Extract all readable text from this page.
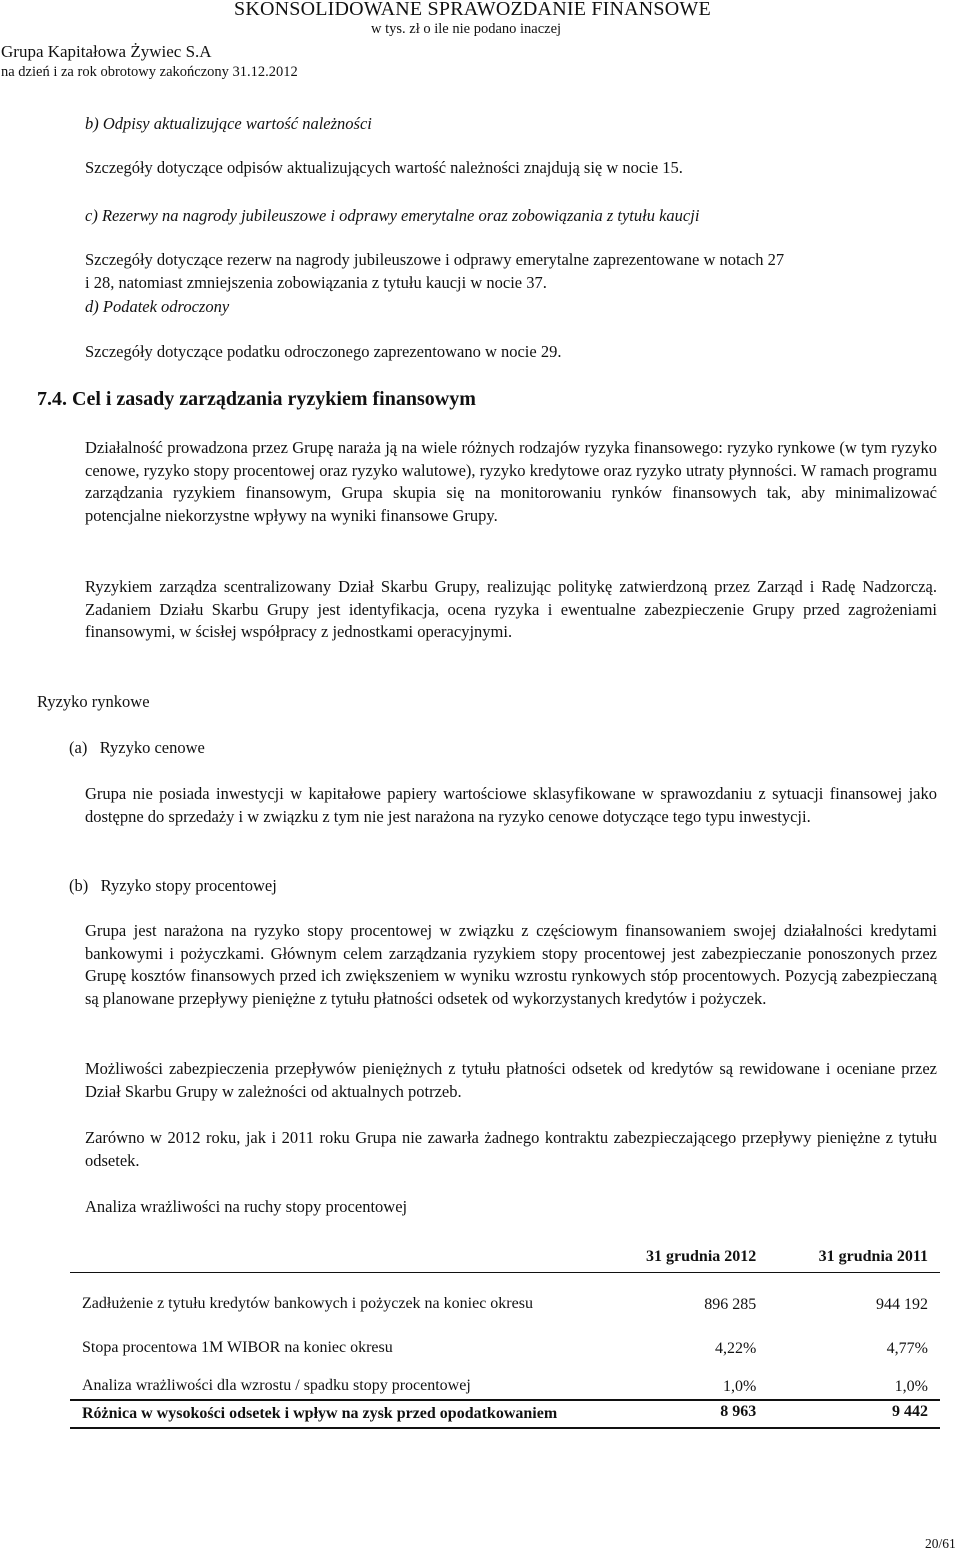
SKONSOLIDOWANE SPRAWOZDANIE FINANSOWE
w tys. zł o ile nie podano inaczej
Grupa Kapitałowa Żywiec S.A
na dzień i za rok obrotowy zakończony 31.12.2012
b) Odpisy aktualizujące wartość należności
Szczegóły dotyczące odpisów aktualizujących wartość należności znajdują się w nocie 15.
c) Rezerwy na nagrody jubileuszowe i odprawy emerytalne oraz zobowiązania z tytułu kaucji
Szczegóły dotyczące rezerw na nagrody jubileuszowe i odprawy emerytalne zaprezentowane w notach 27
i 28, natomiast zmniejszenia zobowiązania z tytułu kaucji w nocie 37.
d) Podatek odroczony
Szczegóły dotyczące podatku odroczonego zaprezentowano w nocie 29.
7.4. Cel i zasady zarządzania ryzykiem finansowym
Działalność prowadzona przez Grupę naraża ją na wiele różnych rodzajów ryzyka finansowego: ryzyko rynkowe (w tym ryzyko cenowe, ryzyko stopy procentowej oraz ryzyko walutowe), ryzyko kredytowe oraz ryzyko utraty płynności. W ramach programu zarządzania ryzykiem finansowym, Grupa skupia się na monitorowaniu rynków finansowych tak, aby minimalizować potencjalne niekorzystne wpływy na wyniki finansowe Grupy.
Ryzykiem zarządza scentralizowany Dział Skarbu Grupy, realizując politykę zatwierdzoną przez Zarząd i Radę Nadzorczą. Zadaniem Działu Skarbu Grupy jest identyfikacja, ocena ryzyka i ewentualne zabezpieczenie Grupy przed zagrożeniami finansowymi, w ścisłej współpracy z jednostkami operacyjnymi.
Ryzyko rynkowe
(a)   Ryzyko cenowe
Grupa nie posiada inwestycji w kapitałowe papiery wartościowe sklasyfikowane w sprawozdaniu z sytuacji finansowej jako dostępne do sprzedaży i w związku z tym nie jest narażona na ryzyko cenowe dotyczące tego typu inwestycji.
(b)   Ryzyko stopy procentowej
Grupa jest narażona na ryzyko stopy procentowej w związku z częściowym finansowaniem swojej działalności kredytami bankowymi i pożyczkami. Głównym celem zarządzania ryzykiem stopy procentowej jest zabezpieczanie ponoszonych przez Grupę kosztów finansowych przed ich zwiększeniem w wyniku wzrostu rynkowych stóp procentowych. Pozycją zabezpieczaną są planowane przepływy pieniężne z tytułu płatności odsetek od wykorzystanych kredytów i pożyczek.
Możliwości zabezpieczenia przepływów pieniężnych z tytułu płatności odsetek od kredytów są rewidowane i oceniane przez Dział Skarbu Grupy w zależności od aktualnych potrzeb.
Zarówno w 2012 roku, jak i 2011 roku Grupa nie zawarła żadnego kontraktu zabezpieczającego przepływy pieniężne z tytułu odsetek.
Analiza wrażliwości na ruchy stopy procentowej
	31 grudnia 2012	31 grudnia 2011
Zadłużenie z tytułu kredytów bankowych i pożyczek na koniec okresu	896 285	944 192
Stopa procentowa 1M WIBOR na koniec okresu	4,22%	4,77%
Analiza wrażliwości dla wzrostu / spadku stopy procentowej	1,0%	1,0%
Różnica w wysokości odsetek i wpływ na zysk przed opodatkowaniem	8 963	9 442
20/61
